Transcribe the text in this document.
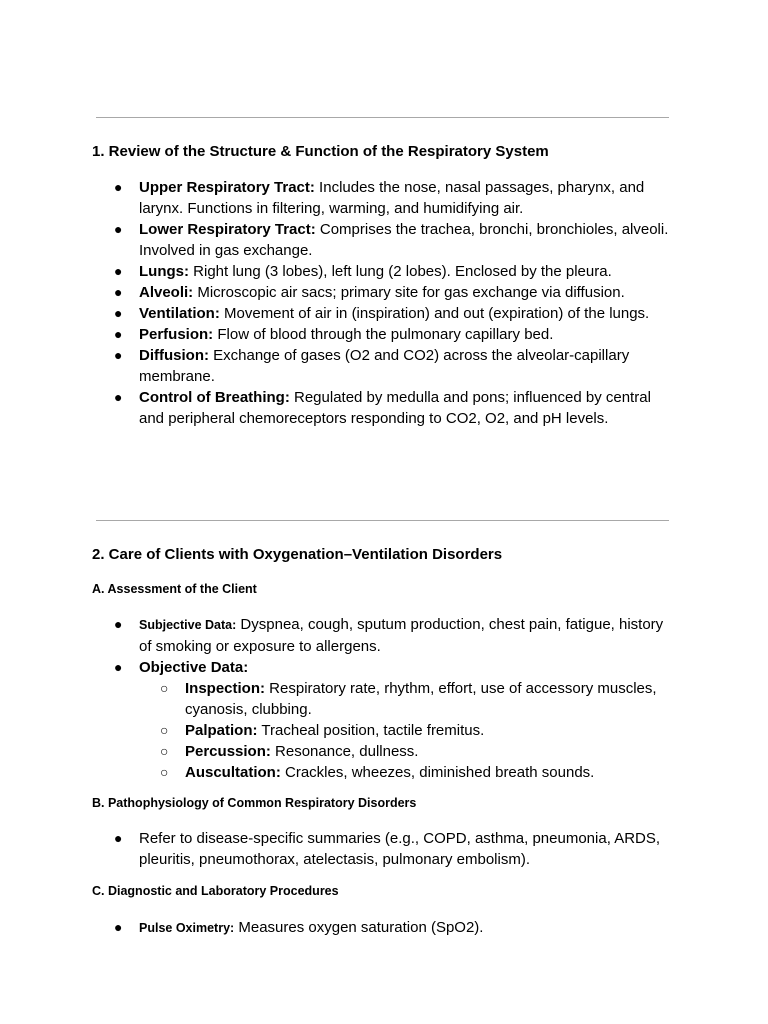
1. Review of the Structure & Function of the Respiratory System
● Upper Respiratory Tract: Includes the nose, nasal passages, pharynx, and larynx. Functions in filtering, warming, and humidifying air.
● Lower Respiratory Tract: Comprises the trachea, bronchi, bronchioles, alveoli. Involved in gas exchange.
● Lungs: Right lung (3 lobes), left lung (2 lobes). Enclosed by the pleura.
● Alveoli: Microscopic air sacs; primary site for gas exchange via diffusion.
● Ventilation: Movement of air in (inspiration) and out (expiration) of the lungs.
● Perfusion: Flow of blood through the pulmonary capillary bed.
● Diffusion: Exchange of gases (O2 and CO2) across the alveolar-capillary membrane.
● Control of Breathing: Regulated by medulla and pons; influenced by central and peripheral chemoreceptors responding to CO2, O2, and pH levels.
2. Care of Clients with Oxygenation–Ventilation Disorders
A. Assessment of the Client
● Subjective Data: Dyspnea, cough, sputum production, chest pain, fatigue, history of smoking or exposure to allergens.
● Objective Data:
○ Inspection: Respiratory rate, rhythm, effort, use of accessory muscles, cyanosis, clubbing.
○ Palpation: Tracheal position, tactile fremitus.
○ Percussion: Resonance, dullness.
○ Auscultation: Crackles, wheezes, diminished breath sounds.
B. Pathophysiology of Common Respiratory Disorders
● Refer to disease-specific summaries (e.g., COPD, asthma, pneumonia, ARDS, pleuritis, pneumothorax, atelectasis, pulmonary embolism).
C. Diagnostic and Laboratory Procedures
● Pulse Oximetry: Measures oxygen saturation (SpO2).
